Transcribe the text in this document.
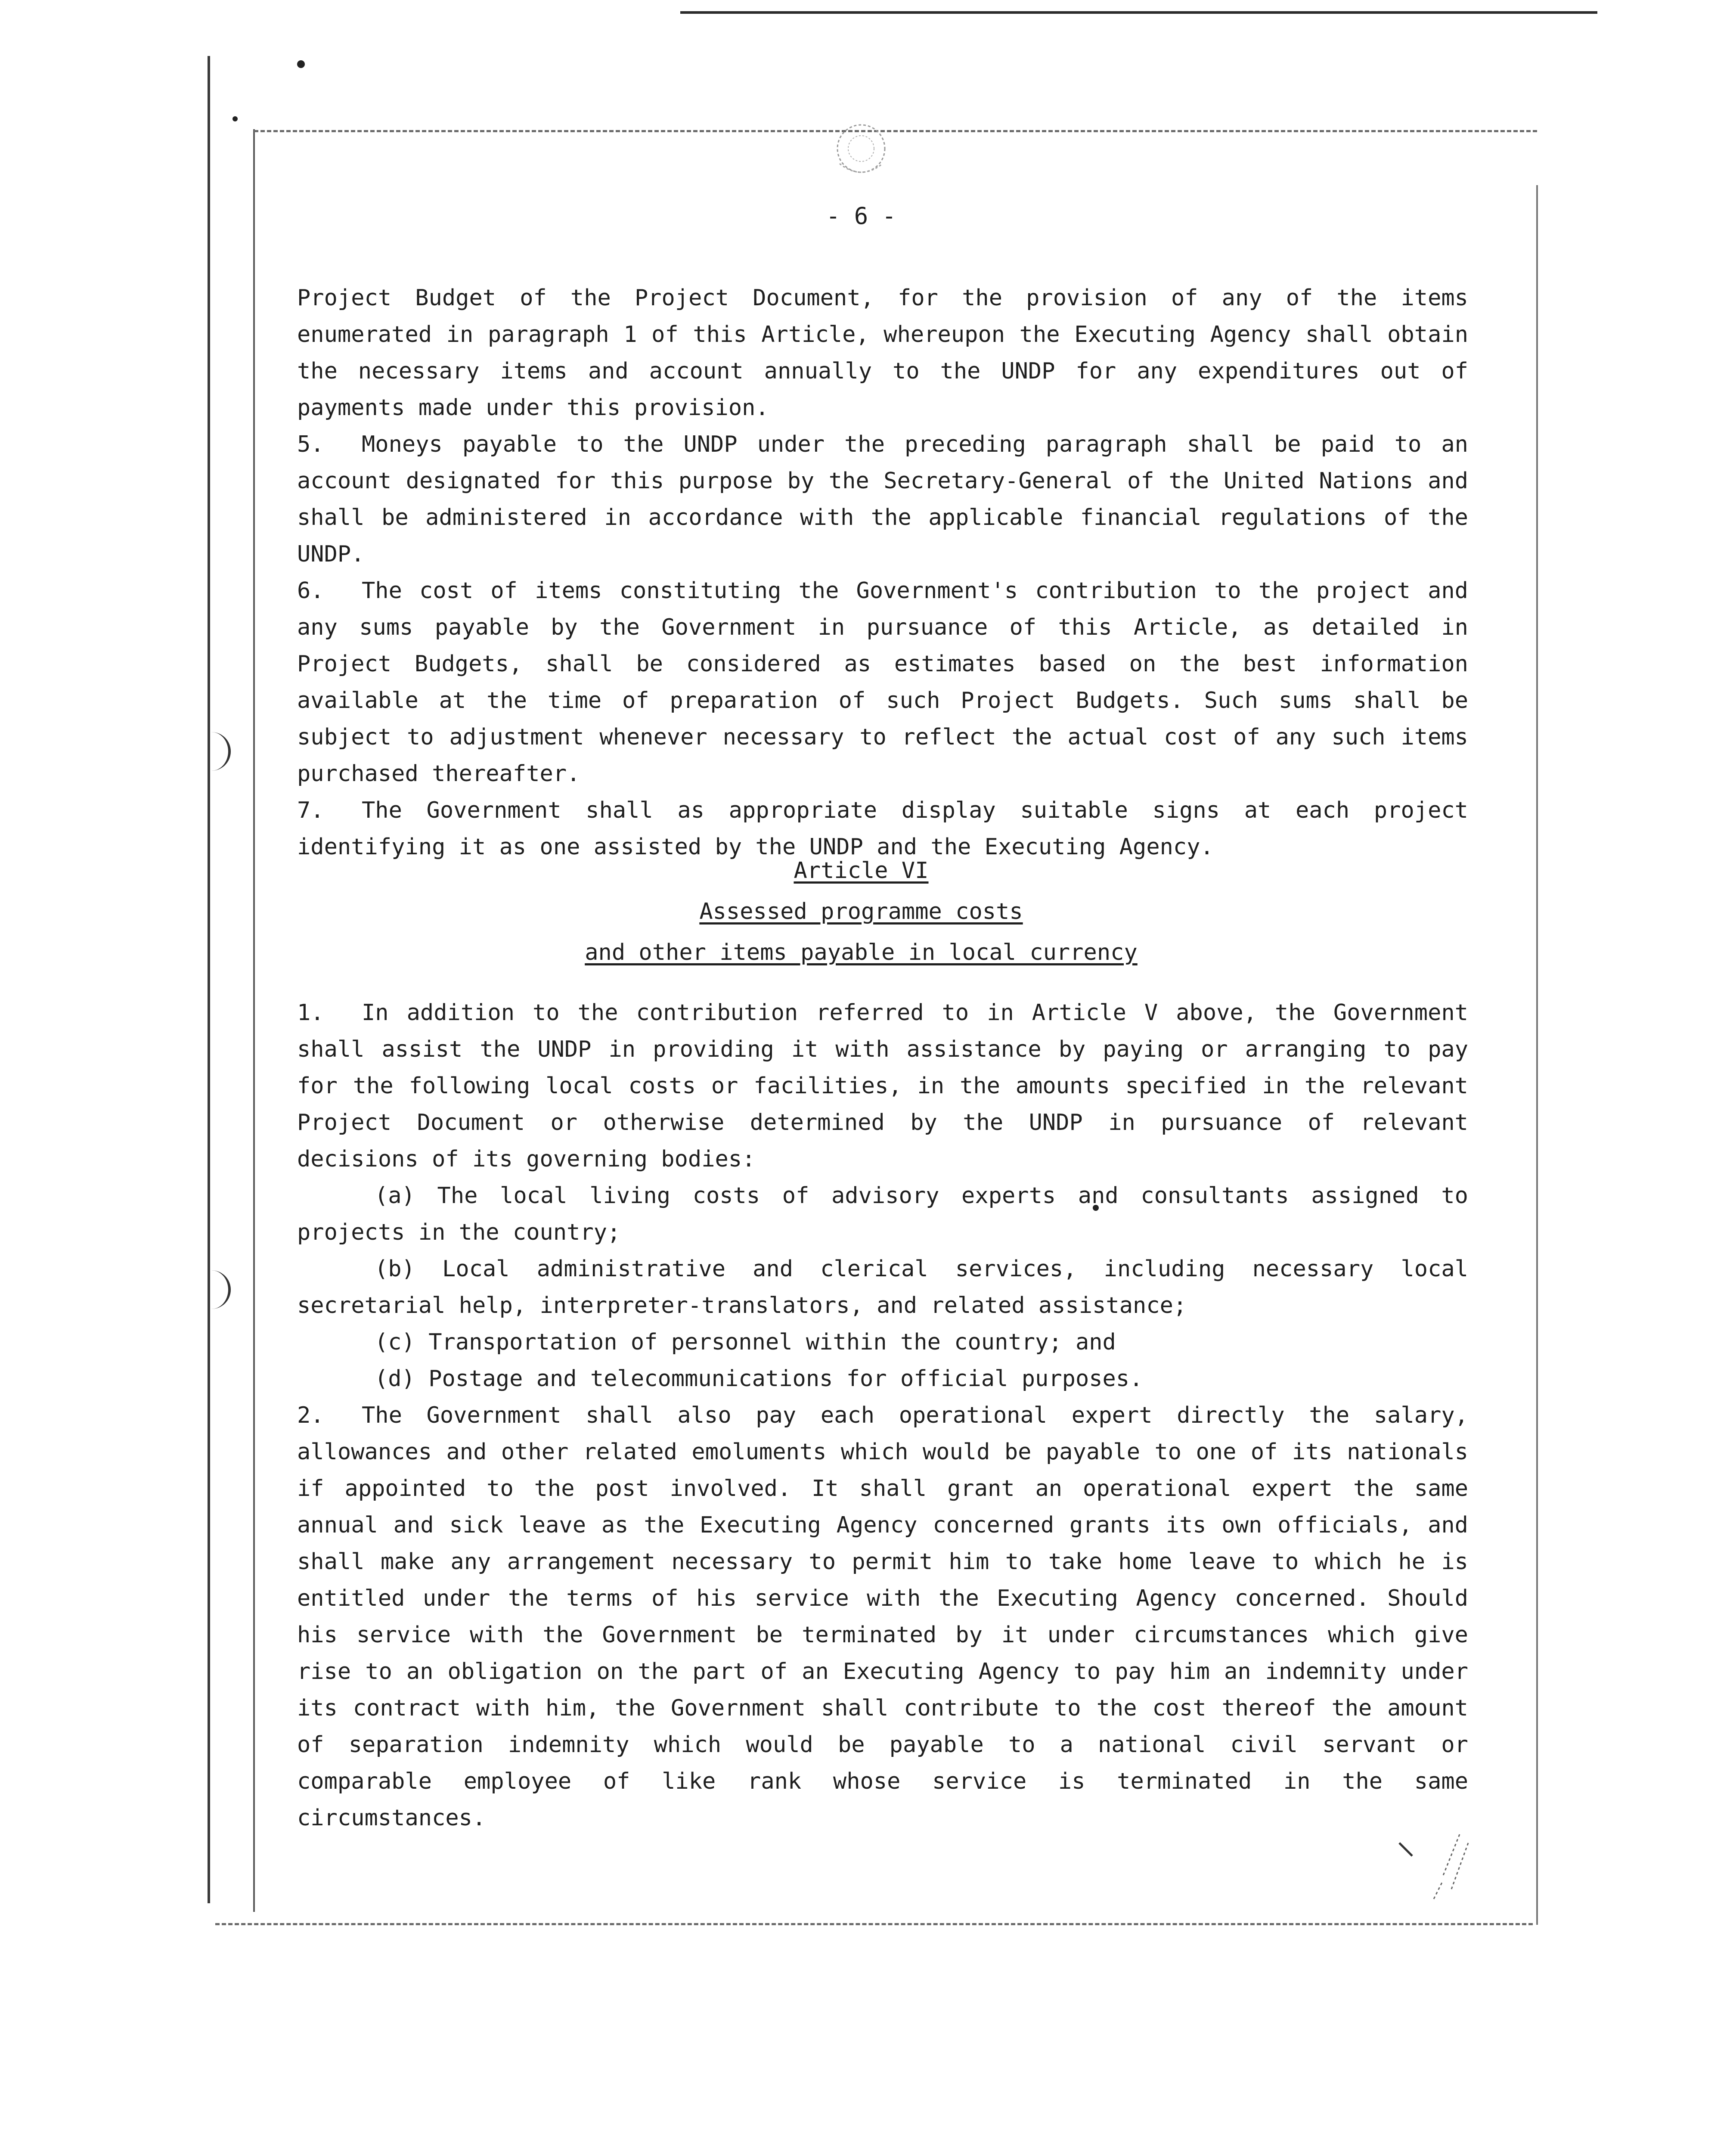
- 6 -

Project Budget of the Project Document, for the provision of any of the items enumerated in paragraph 1 of this Article, whereupon the Executing Agency shall obtain the necessary items and account annually to the UNDP for any expenditures out of payments made under this provision.

5. Moneys payable to the UNDP under the preceding paragraph shall be paid to an account designated for this purpose by the Secretary-General of the United Nations and shall be administered in accordance with the applicable financial regulations of the UNDP.

6. The cost of items constituting the Government's contribution to the project and any sums payable by the Government in pursuance of this Article, as detailed in Project Budgets, shall be considered as estimates based on the best information available at the time of preparation of such Project Budgets. Such sums shall be subject to adjustment whenever necessary to reflect the actual cost of any such items purchased thereafter.

7. The Government shall as appropriate display suitable signs at each project identifying it as one assisted by the UNDP and the Executing Agency.

Article VI
Assessed programme costs
and other items payable in local currency

1. In addition to the contribution referred to in Article V above, the Government shall assist the UNDP in providing it with assistance by paying or arranging to pay for the following local costs or facilities, in the amounts specified in the relevant Project Document or otherwise determined by the UNDP in pursuance of relevant decisions of its governing bodies:

(a) The local living costs of advisory experts and consultants assigned to projects in the country;

(b) Local administrative and clerical services, including necessary local secretarial help, interpreter-translators, and related assistance;

(c) Transportation of personnel within the country; and

(d) Postage and telecommunications for official purposes.

2. The Government shall also pay each operational expert directly the salary, allowances and other related emoluments which would be payable to one of its nationals if appointed to the post involved. It shall grant an operational expert the same annual and sick leave as the Executing Agency concerned grants its own officials, and shall make any arrangement necessary to permit him to take home leave to which he is entitled under the terms of his service with the Executing Agency concerned. Should his service with the Government be terminated by it under circumstances which give rise to an obligation on the part of an Executing Agency to pay him an indemnity under its contract with him, the Government shall contribute to the cost thereof the amount of separation indemnity which would be payable to a national civil servant or comparable employee of like rank whose service is terminated in the same circumstances.
